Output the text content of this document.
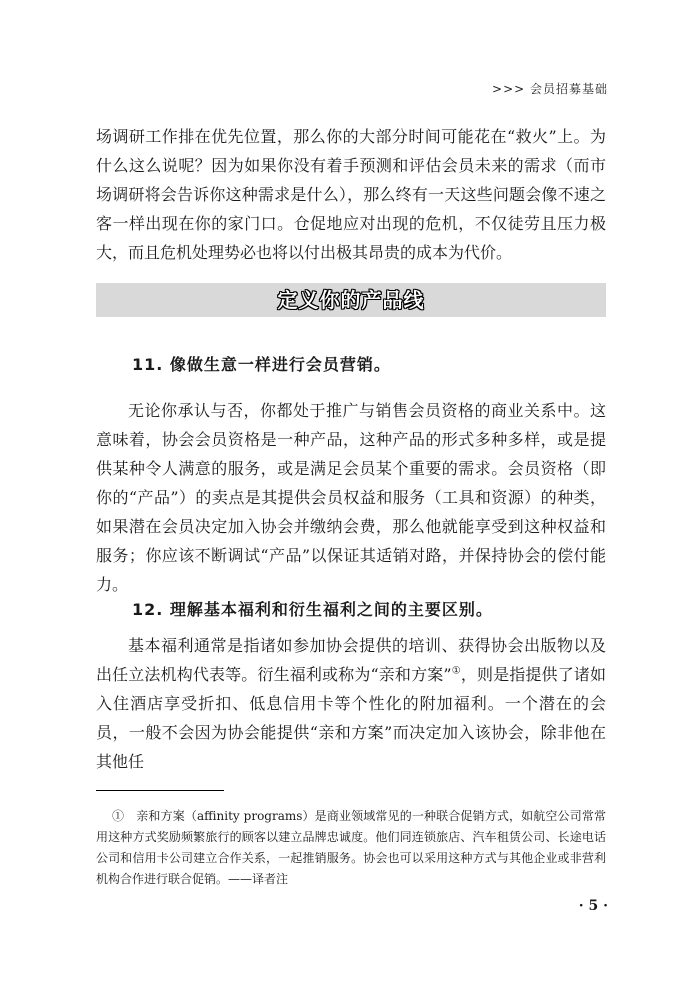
>>> 会员招募基础

场调研工作排在优先位置，那么你的大部分时间可能花在“救火”上。为什么这么说呢？因为如果你没有着手预测和评估会员未来的需求（而市场调研将会告诉你这种需求是什么），那么终有一天这些问题会像不速之客一样出现在你的家门口。仓促地应对出现的危机，不仅徒劳且压力极大，而且危机处理势必也将以付出极其昂贵的成本为代价。

定义你的产品线
11. 像做生意一样进行会员营销。

无论你承认与否，你都处于推广与销售会员资格的商业关系中。这意味着，协会会员资格是一种产品，这种产品的形式多种多样，或是提供某种令人满意的服务，或是满足会员某个重要的需求。会员资格（即你的“产品”）的卖点是其提供会员权益和服务（工具和资源）的种类，如果潜在会员决定加入协会并缴纳会费，那么他就能享受到这种权益和服务；你应该不断调试“产品”以保证其适销对路，并保持协会的偿付能力。

12. 理解基本福利和衍生福利之间的主要区别。

基本福利通常是指诸如参加协会提供的培训、获得协会出版物以及出任立法机构代表等。衍生福利或称为“亲和方案”①，则是指提供了诸如入住酒店享受折扣、低息信用卡等个性化的附加福利。一个潜在的会员，一般不会因为协会能提供“亲和方案”而决定加入该协会，除非他在其他任

①　亲和方案（affinity programs）是商业领域常见的一种联合促销方式，如航空公司常常用这种方式奖励频繁旅行的顾客以建立品牌忠诚度。他们同连锁旅店、汽车租赁公司、长途电话公司和信用卡公司建立合作关系，一起推销服务。协会也可以采用这种方式与其他企业或非营利机构合作进行联合促销。——译者注

· 5 ·
